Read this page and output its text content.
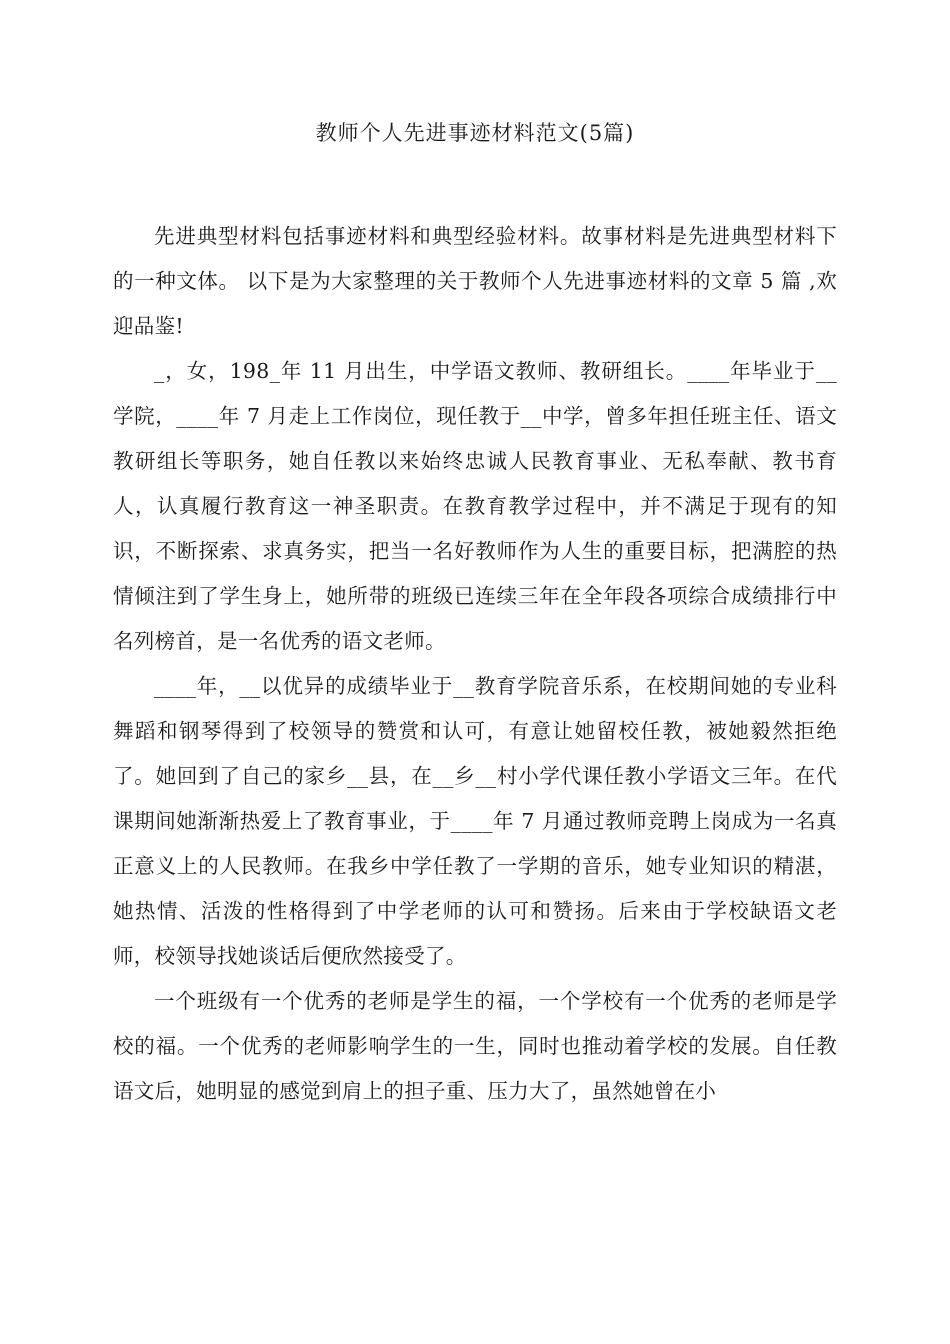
教师个人先进事迹材料范文(5篇)

先进典型材料包括事迹材料和典型经验材料。故事材料是先进典型材料下的一种文体。 以下是为大家整理的关于教师个人先进事迹材料的文章 5 篇 ,欢迎品鉴!

_，女，198_年 11 月出生，中学语文教师、教研组长。____年毕业于__学院，____年 7 月走上工作岗位，现任教于__中学，曾多年担任班主任、语文教研组长等职务，她自任教以来始终忠诚人民教育事业、无私奉献、教书育人，认真履行教育这一神圣职责。在教育教学过程中，并不满足于现有的知识，不断探索、求真务实，把当一名好教师作为人生的重要目标，把满腔的热情倾注到了学生身上，她所带的班级已连续三年在全年段各项综合成绩排行中名列榜首，是一名优秀的语文老师。

____年，__以优异的成绩毕业于__教育学院音乐系，在校期间她的专业科舞蹈和钢琴得到了校领导的赞赏和认可，有意让她留校任教，被她毅然拒绝了。她回到了自己的家乡__县，在__乡__村小学代课任教小学语文三年。在代课期间她渐渐热爱上了教育事业，于____年 7 月通过教师竞聘上岗成为一名真正意义上的人民教师。在我乡中学任教了一学期的音乐，她专业知识的精湛，她热情、活泼的性格得到了中学老师的认可和赞扬。后来由于学校缺语文老师，校领导找她谈话后便欣然接受了。

一个班级有一个优秀的老师是学生的福，一个学校有一个优秀的老师是学校的福。一个优秀的老师影响学生的一生，同时也推动着学校的发展。自任教语文后，她明显的感觉到肩上的担子重、压力大了，虽然她曾在小
